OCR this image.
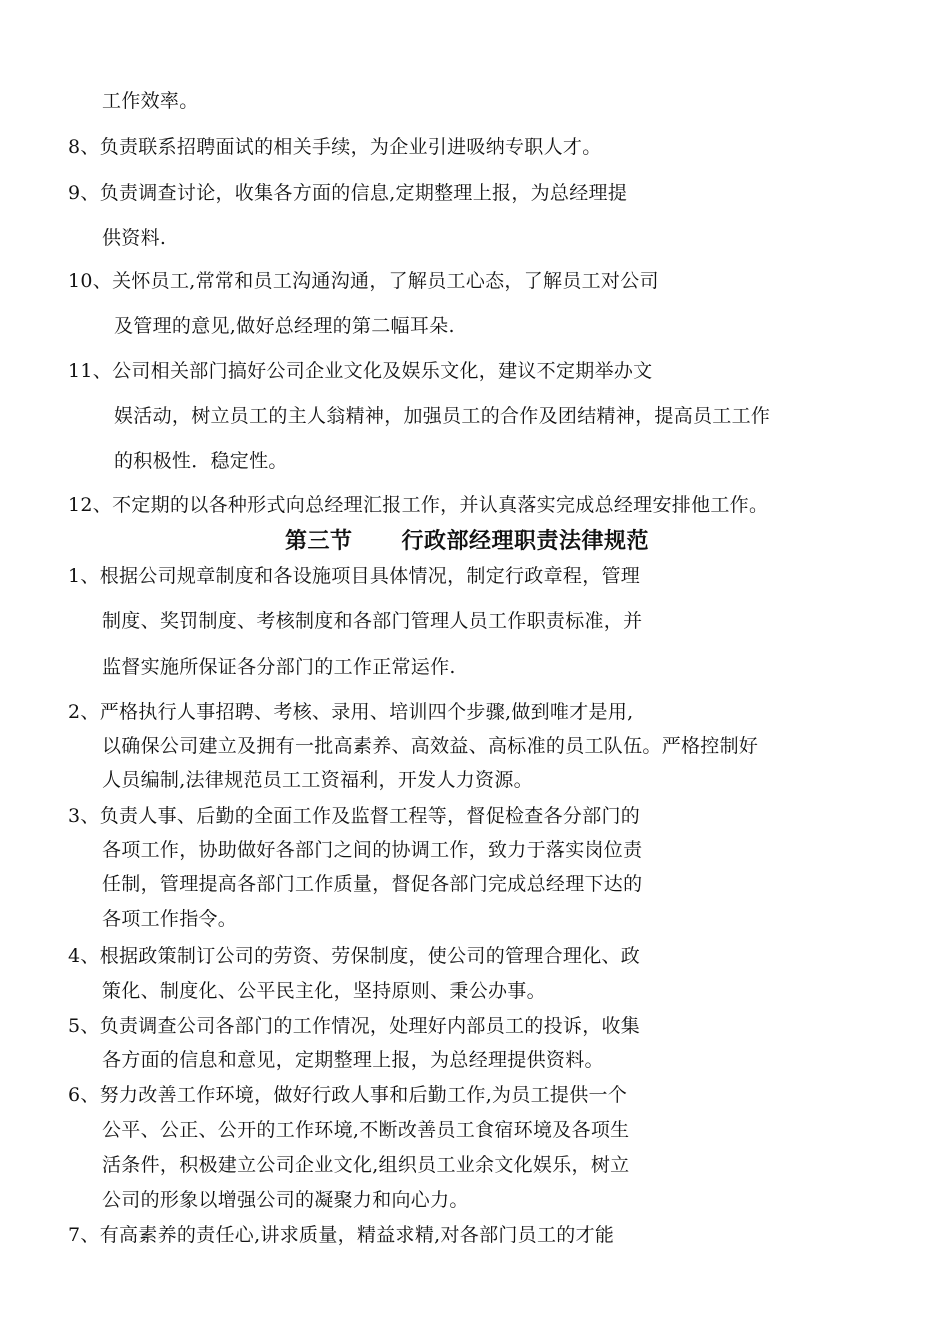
工作效率。
8、负责联系招聘面试的相关手续，为企业引进吸纳专职人才。
9、负责调查讨论，收集各方面的信息,定期整理上报，为总经理提
供资料.
10、关怀员工,常常和员工沟通沟通，了解员工心态，了解员工对公司
及管理的意见,做好总经理的第二幅耳朵.
11、公司相关部门搞好公司企业文化及娱乐文化，建议不定期举办文
娱活动，树立员工的主人翁精神，加强员工的合作及团结精神，提高员工工作
的积极性．稳定性。
12、不定期的以各种形式向总经理汇报工作，并认真落实完成总经理安排他工作。
第三节      行政部经理职责法律规范
1、根据公司规章制度和各设施项目具体情况，制定行政章程，管理
制度、奖罚制度、考核制度和各部门管理人员工作职责标准，并
监督实施所保证各分部门的工作正常运作.
2、严格执行人事招聘、考核、录用、培训四个步骤,做到唯才是用,
以确保公司建立及拥有一批高素养、高效益、高标准的员工队伍。严格控制好
人员编制,法律规范员工工资福利，开发人力资源。
3、负责人事、后勤的全面工作及监督工程等，督促检查各分部门的
各项工作，协助做好各部门之间的协调工作，致力于落实岗位责
任制，管理提高各部门工作质量，督促各部门完成总经理下达的
各项工作指令。
4、根据政策制订公司的劳资、劳保制度，使公司的管理合理化、政
策化、制度化、公平民主化，坚持原则、秉公办事。
5、负责调查公司各部门的工作情况，处理好内部员工的投诉，收集
各方面的信息和意见，定期整理上报，为总经理提供资料。
6、努力改善工作环境，做好行政人事和后勤工作,为员工提供一个
公平、公正、公开的工作环境,不断改善员工食宿环境及各项生
活条件，积极建立公司企业文化,组织员工业余文化娱乐，树立
公司的形象以增强公司的凝聚力和向心力。
7、有高素养的责任心,讲求质量，精益求精,对各部门员工的才能
